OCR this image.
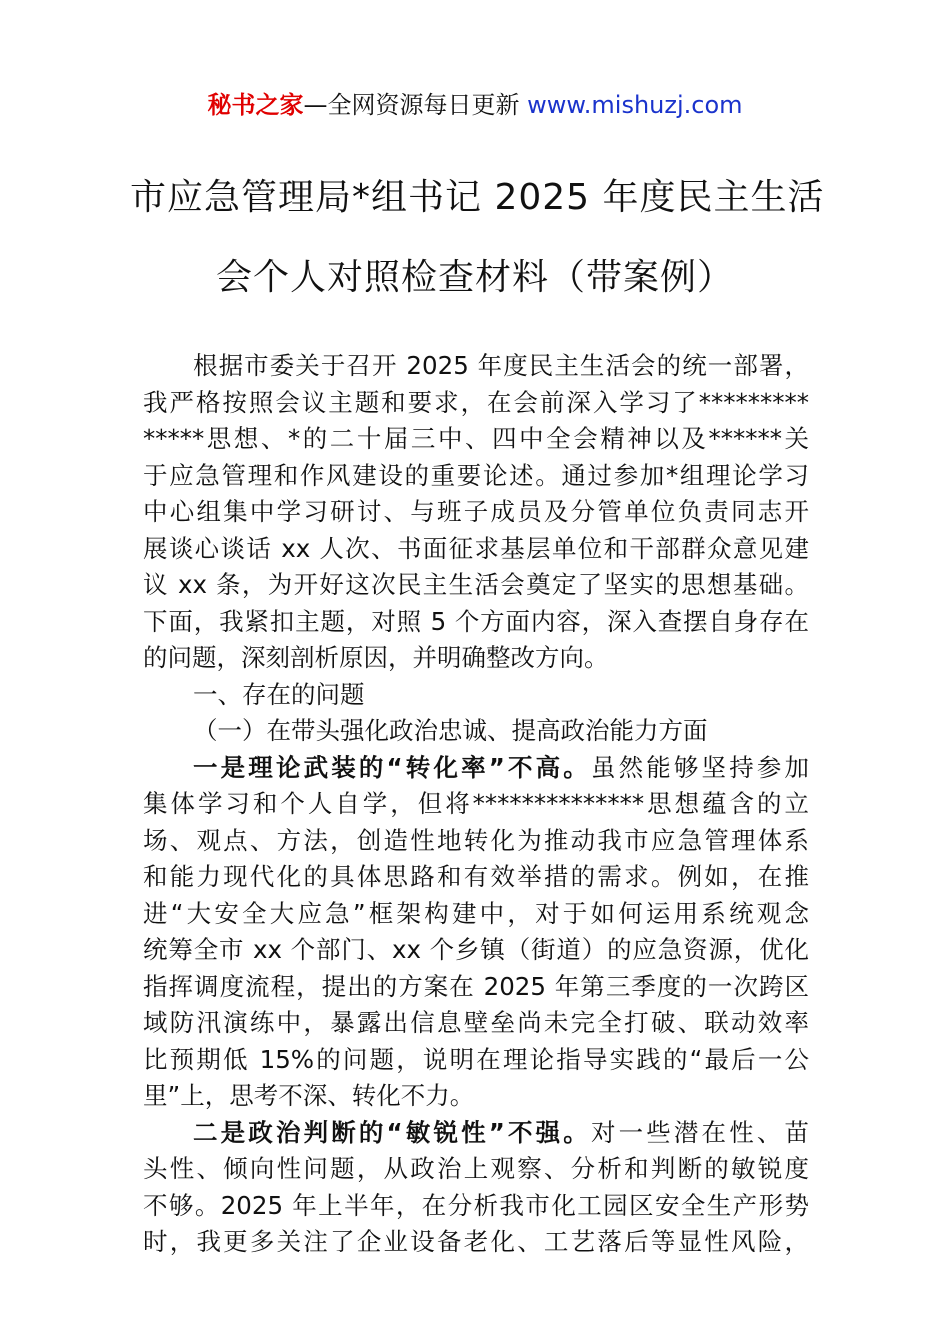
秘书之家—全网资源每日更新 www.mishuzj.com
市应急管理局*组书记 2025 年度民主生活
会个人对照检查材料（带案例）
根据市委关于召开 2025 年度民主生活会的统一部署，
我严格按照会议主题和要求，在会前深入学习了*********
*****思想、*的二十届三中、四中全会精神以及******关
于应急管理和作风建设的重要论述。通过参加*组理论学习
中心组集中学习研讨、与班子成员及分管单位负责同志开
展谈心谈话 xx 人次、书面征求基层单位和干部群众意见建
议 xx 条，为开好这次民主生活会奠定了坚实的思想基础。
下面，我紧扣主题，对照 5 个方面内容，深入查摆自身存在
的问题，深刻剖析原因，并明确整改方向。
一、存在的问题
（一）在带头强化政治忠诚、提高政治能力方面
一是理论武装的“转化率”不高。虽然能够坚持参加
集体学习和个人自学，但将**************思想蕴含的立
场、观点、方法，创造性地转化为推动我市应急管理体系
和能力现代化的具体思路和有效举措的需求。例如，在推
进“大安全大应急”框架构建中，对于如何运用系统观念
统筹全市 xx 个部门、xx 个乡镇（街道）的应急资源，优化
指挥调度流程，提出的方案在 2025 年第三季度的一次跨区
域防汛演练中，暴露出信息壁垒尚未完全打破、联动效率
比预期低 15%的问题，说明在理论指导实践的“最后一公
里”上，思考不深、转化不力。
二是政治判断的“敏锐性”不强。对一些潜在性、苗
头性、倾向性问题，从政治上观察、分析和判断的敏锐度
不够。2025 年上半年，在分析我市化工园区安全生产形势
时，我更多关注了企业设备老化、工艺落后等显性风险，
